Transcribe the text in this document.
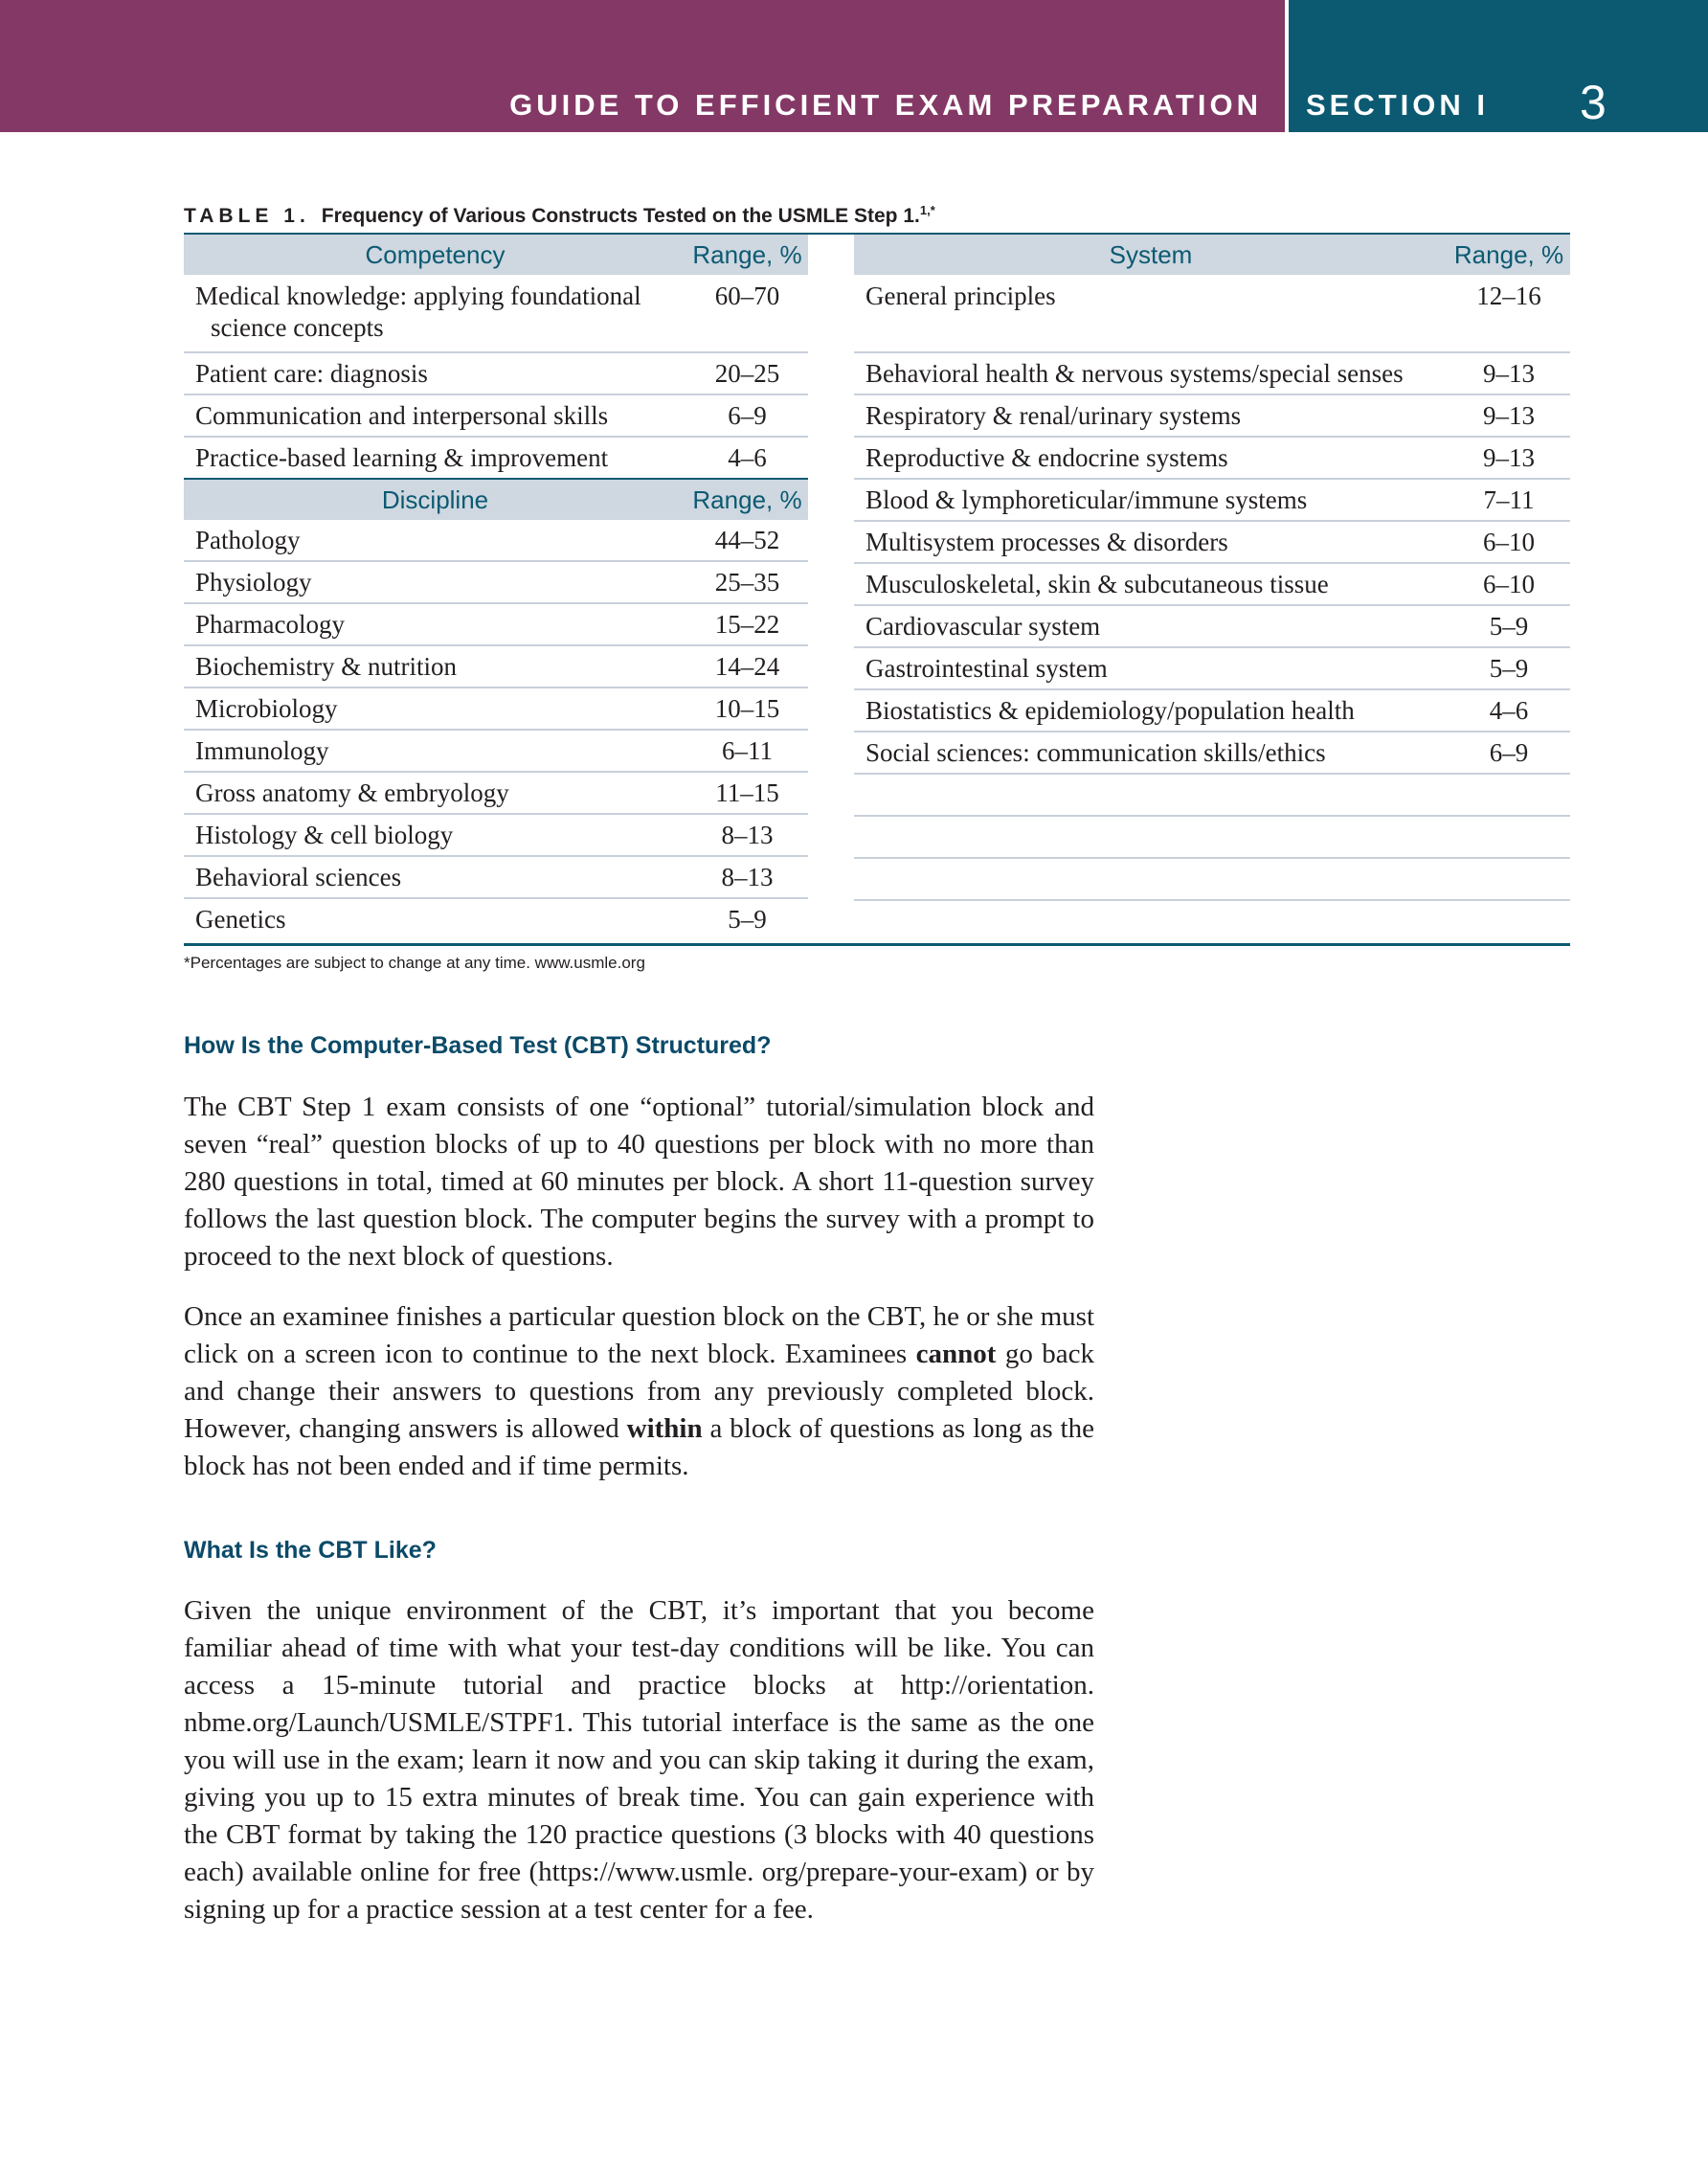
GUIDE TO EFFICIENT EXAM PREPARATION SECTION I 3
TABLE 1. Frequency of Various Constructs Tested on the USMLE Step 1.$^{1,*}$
Competency	Range, %
Medical knowledge: applying foundational
science concepts	60–70
Patient care: diagnosis	20–25
Communication and interpersonal skills	6–9
Practice-based learning & improvement	4–6
Discipline	Range, %
Pathology	44–52
Physiology	25–35
Pharmacology	15–22
Biochemistry & nutrition	14–24
Microbiology	10–15
Immunology	6–11
Gross anatomy & embryology	11–15
Histology & cell biology	8–13
Behavioral sciences	8–13
Genetics	5–9
System	Range, %
General principles	12–16
Behavioral health & nervous systems/special senses	9–13
Respiratory & renal/urinary systems	9–13
Reproductive & endocrine systems	9–13
Blood & lymphoreticular/immune systems	7–11
Multisystem processes & disorders	6–10
Musculoskeletal, skin & subcutaneous tissue	6–10
Cardiovascular system	5–9
Gastrointestinal system	5–9
Biostatistics & epidemiology/population health	4–6
Social sciences: communication skills/ethics	6–9

*Percentages are subject to change at any time. www.usmle.org
How Is the Computer-Based Test (CBT) Structured?
The CBT Step 1 exam consists of one “optional” tutorial/simulation block and seven “real” question blocks of up to 40 questions per block with no more than 280 questions in total, timed at 60 minutes per block. A short 11-question survey follows the last question block. The computer begins the survey with a prompt to proceed to the next block of questions.
Once an examinee finishes a particular question block on the CBT, he or she must click on a screen icon to continue to the next block. Examinees cannot go back and change their answers to questions from any previously completed block. However, changing answers is allowed within a block of questions as long as the block has not been ended and if time permits.
What Is the CBT Like?
Given the unique environment of the CBT, it’s important that you become familiar ahead of time with what your test-day conditions will be like. You can access a 15-minute tutorial and practice blocks at http://orientation. nbme.org/Launch/USMLE/STPF1. This tutorial interface is the same as the one you will use in the exam; learn it now and you can skip taking it during the exam, giving you up to 15 extra minutes of break time. You can gain experience with the CBT format by taking the 120 practice questions (3 blocks with 40 questions each) available online for free (https://www.usmle. org/prepare-your-exam) or by signing up for a practice session at a test center for a fee.
